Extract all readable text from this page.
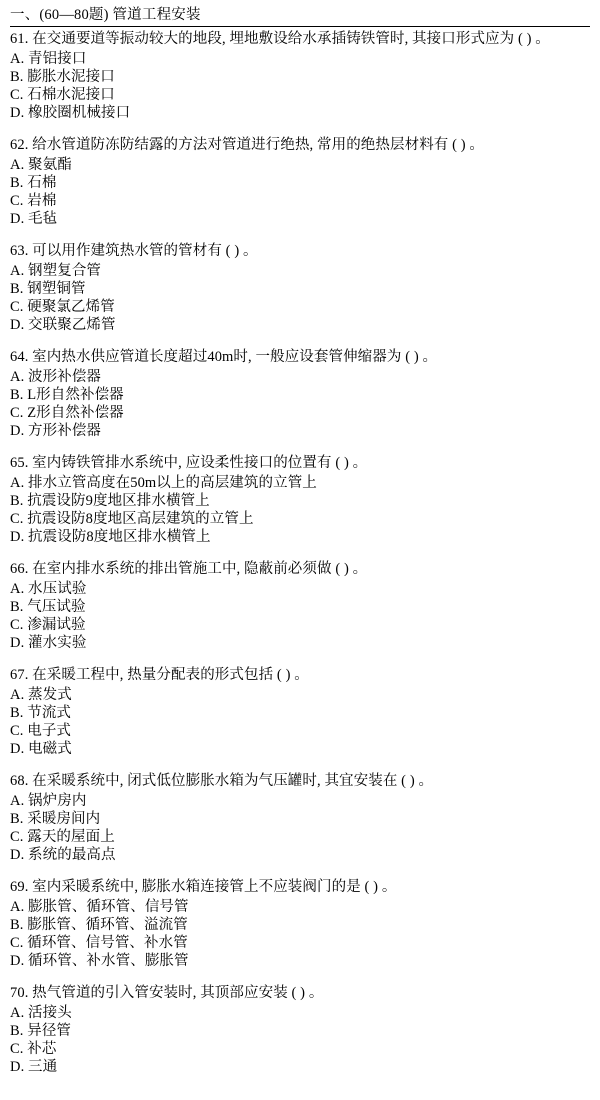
一、(60—80题) 管道工程安装
61. 在交通要道等振动较大的地段, 埋地敷设给水承插铸铁管时, 其接口形式应为 ( ) 。
A. 青铝接口
B. 膨胀水泥接口
C. 石棉水泥接口
D. 橡胶圈机械接口
62. 给水管道防冻防结露的方法对管道进行绝热, 常用的绝热层材料有 ( ) 。
A. 聚氨酯
B. 石棉
C. 岩棉
D. 毛毡
63. 可以用作建筑热水管的管材有 ( ) 。
A. 钢塑复合管
B. 钢塑铜管
C. 硬聚氯乙烯管
D. 交联聚乙烯管
64. 室内热水供应管道长度超过40m时, 一般应设套管伸缩器为 ( ) 。
A. 波形补偿器
B. L形自然补偿器
C. Z形自然补偿器
D. 方形补偿器
65. 室内铸铁管排水系统中, 应设柔性接口的位置有 ( ) 。
A. 排水立管高度在50m以上的高层建筑的立管上
B. 抗震设防9度地区排水横管上
C. 抗震设防8度地区高层建筑的立管上
D. 抗震设防8度地区排水横管上
66. 在室内排水系统的排出管施工中, 隐蔽前必须做 ( ) 。
A. 水压试验
B. 气压试验
C. 渗漏试验
D. 灌水实验
67. 在采暖工程中, 热量分配表的形式包括 ( ) 。
A. 蒸发式
B. 节流式
C. 电子式
D. 电磁式
68. 在采暖系统中, 闭式低位膨胀水箱为气压罐时, 其宜安装在 ( ) 。
A. 锅炉房内
B. 采暖房间内
C. 露天的屋面上
D. 系统的最高点
69. 室内采暖系统中, 膨胀水箱连接管上不应装阀门的是 ( ) 。
A. 膨胀管、循环管、信号管
B. 膨胀管、循环管、溢流管
C. 循环管、信号管、补水管
D. 循环管、补水管、膨胀管
70. 热气管道的引入管安装时, 其顶部应安装 ( ) 。
A. 活接头
B. 异径管
C. 补芯
D. 三通
